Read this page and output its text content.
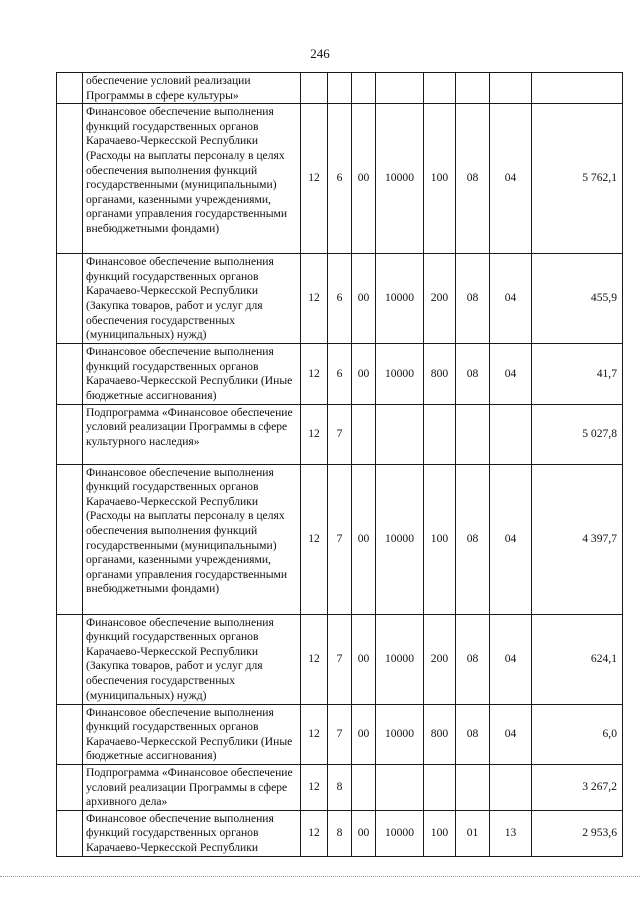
246
	обеспечение условий реализации Программы в сфере культуры»								
	Финансовое обеспечение выполнения функций государственных органов Карачаево-Черкесской Республики (Расходы на выплаты персоналу в целях обеспечения выполнения функций государственными (муниципальными) органами, казенными учреждениями, органами управления государственными внебюджетными фондами)	12	6	00	10000	100	08	04	5 762,1
	Финансовое обеспечение выполнения функций государственных органов Карачаево-Черкесской Республики (Закупка товаров, работ и услуг для обеспечения государственных (муниципальных) нужд)	12	6	00	10000	200	08	04	455,9
	Финансовое обеспечение выполнения функций государственных органов Карачаево-Черкесской Республики (Иные бюджетные ассигнования)	12	6	00	10000	800	08	04	41,7
	Подпрограмма «Финансовое обеспечение условий реализации Программы в сфере культурного наследия»	12	7						5 027,8
	Финансовое обеспечение выполнения функций государственных органов Карачаево-Черкесской Республики (Расходы на выплаты персоналу в целях обеспечения выполнения функций государственными (муниципальными) органами, казенными учреждениями, органами управления государственными внебюджетными фондами)	12	7	00	10000	100	08	04	4 397,7
	Финансовое обеспечение выполнения функций государственных органов Карачаево-Черкесской Республики (Закупка товаров, работ и услуг для обеспечения государственных (муниципальных) нужд)	12	7	00	10000	200	08	04	624,1
	Финансовое обеспечение выполнения функций государственных органов Карачаево-Черкесской Республики (Иные бюджетные ассигнования)	12	7	00	10000	800	08	04	6,0
	Подпрограмма «Финансовое обеспечение условий реализации Программы в сфере архивного дела»	12	8						3 267,2
	Финансовое обеспечение выполнения функций государственных органов Карачаево-Черкесской Республики	12	8	00	10000	100	01	13	2 953,6
